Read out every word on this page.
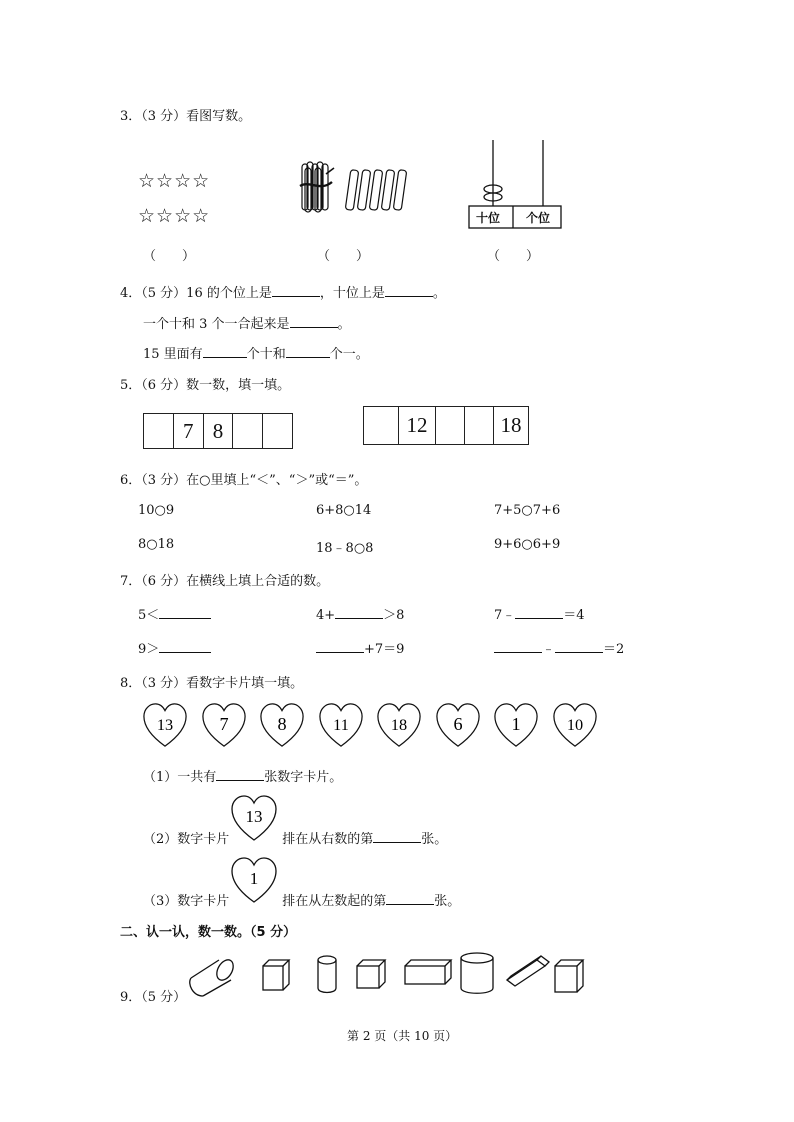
3．（3 分）看图写数。
☆☆☆☆
☆☆☆☆	十位 个位
（　　）	（　　）	（　　）
4．（5 分）16 的个位上是	，十位上是	。
一个十和 3 个一合起来是	。
15 里面有	个十和	个一。
5．（6 分）数一数，填一填。
7 8	12	18
6．（3 分）在○里填上“＜”、“＞”或“＝”。
10○9	6+8○14	7+5○7+6
8○18	18﹣8○8	9+6○6+9
7．（6 分）在横线上填上合适的数。
5＜	4+	＞8	7﹣	＝4
9＞	+7＝9	﹣	＝2
8．（3 分）看数字卡片填一填。
13 7	8	11	18 6	1	10
（1）一共有	张数字卡片。
（2）数字卡片	排在从右数的第	张。
13
（3）数字卡片	排在从左数起的第	张。
1
二、认一认，数一数。（5 分）
9．（5 分）
第 2 页（共 10 页）
